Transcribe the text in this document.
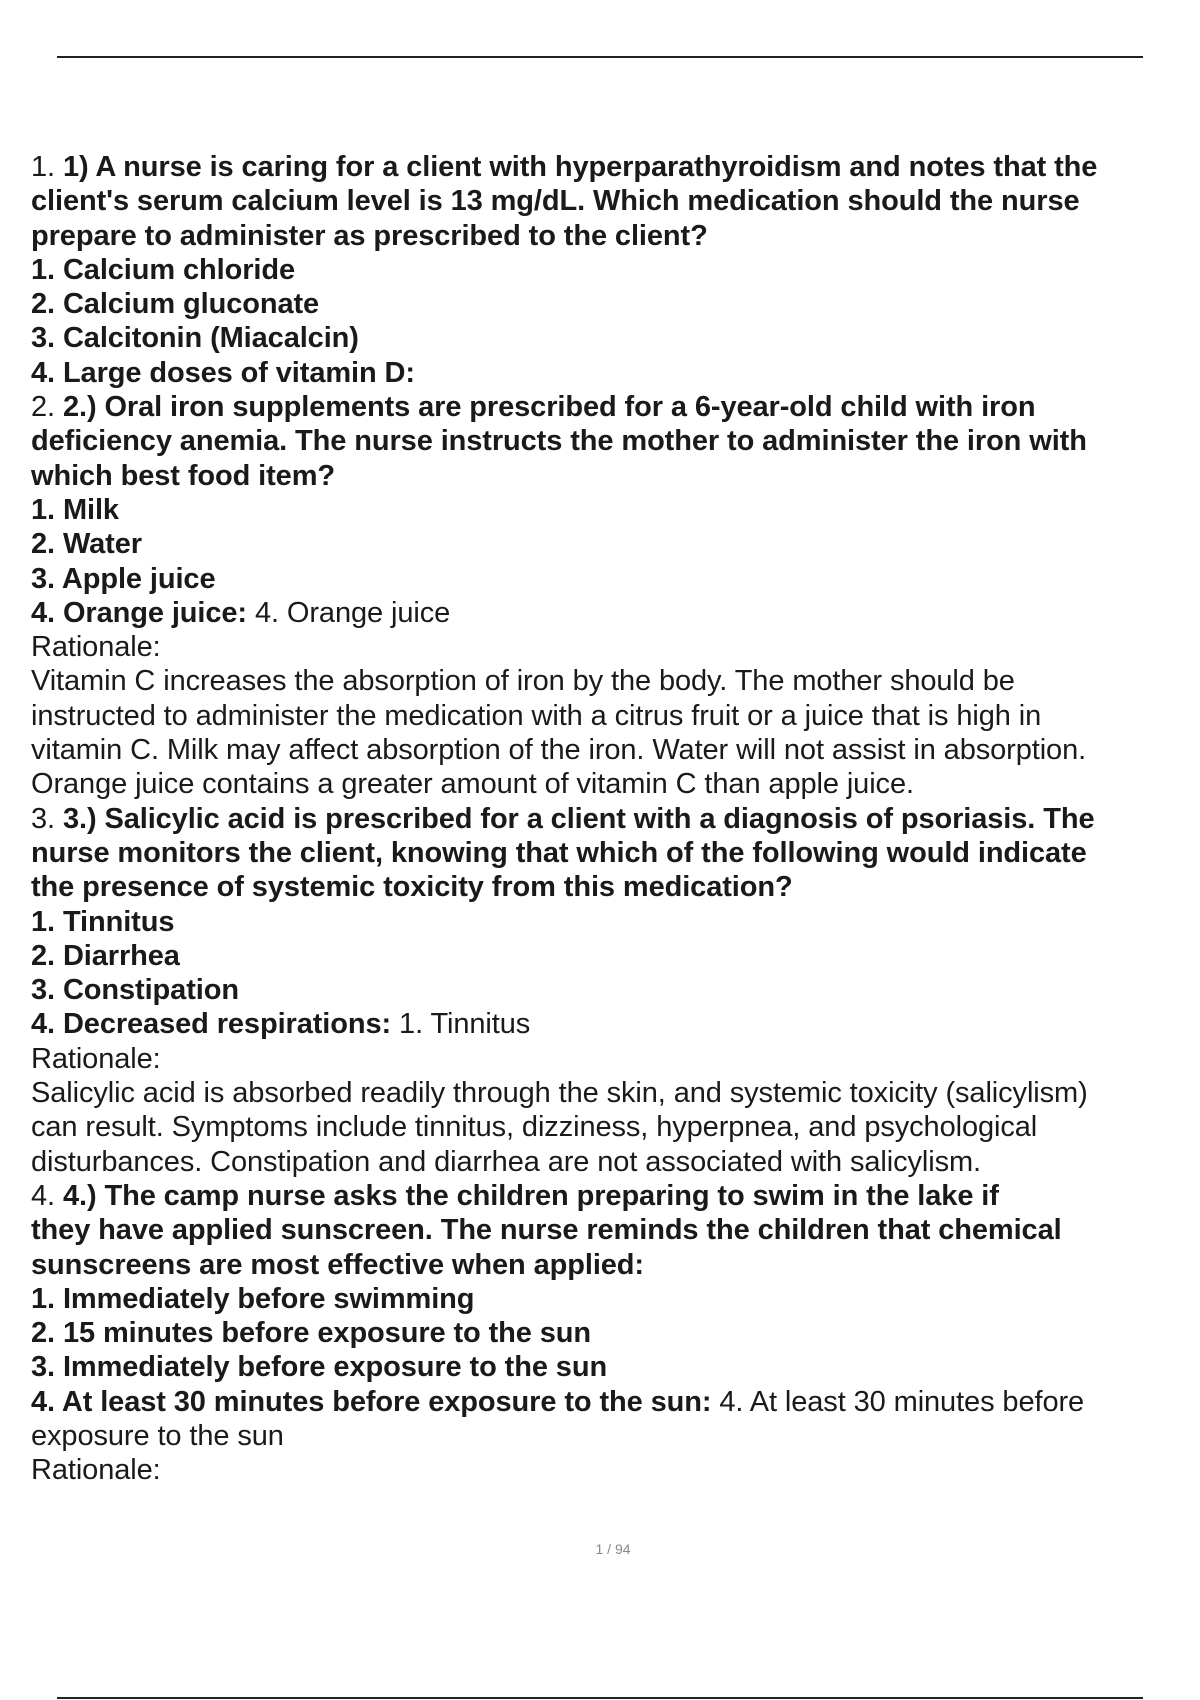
1. 1) A nurse is caring for a client with hyperparathyroidism and notes that the
client's serum calcium level is 13 mg/dL. Which medication should the nurse
prepare to administer as prescribed to the client?
1. Calcium chloride
2. Calcium gluconate
3. Calcitonin (Miacalcin)
4. Large doses of vitamin D:
2. 2.) Oral iron supplements are prescribed for a 6-year-old child with iron
deficiency anemia. The nurse instructs the mother to administer the iron with
which best food item?
1. Milk
2. Water
3. Apple juice
4. Orange juice: 4. Orange juice
Rationale:
Vitamin C increases the absorption of iron by the body. The mother should be
instructed to administer the medication with a citrus fruit or a juice that is high in
vitamin C. Milk may affect absorption of the iron. Water will not assist in absorption.
Orange juice contains a greater amount of vitamin C than apple juice.
3. 3.) Salicylic acid is prescribed for a client with a diagnosis of psoriasis. The
nurse monitors the client, knowing that which of the following would indicate
the presence of systemic toxicity from this medication?
1. Tinnitus
2. Diarrhea
3. Constipation
4. Decreased respirations: 1. Tinnitus
Rationale:
Salicylic acid is absorbed readily through the skin, and systemic toxicity (salicylism)
can result. Symptoms include tinnitus, dizziness, hyperpnea, and psychological
disturbances. Constipation and diarrhea are not associated with salicylism.
4. 4.) The camp nurse asks the children preparing to swim in the lake if
they have applied sunscreen. The nurse reminds the children that chemical
sunscreens are most effective when applied:
1. Immediately before swimming
2. 15 minutes before exposure to the sun
3. Immediately before exposure to the sun
4. At least 30 minutes before exposure to the sun: 4. At least 30 minutes before
exposure to the sun
Rationale:
1 / 94
